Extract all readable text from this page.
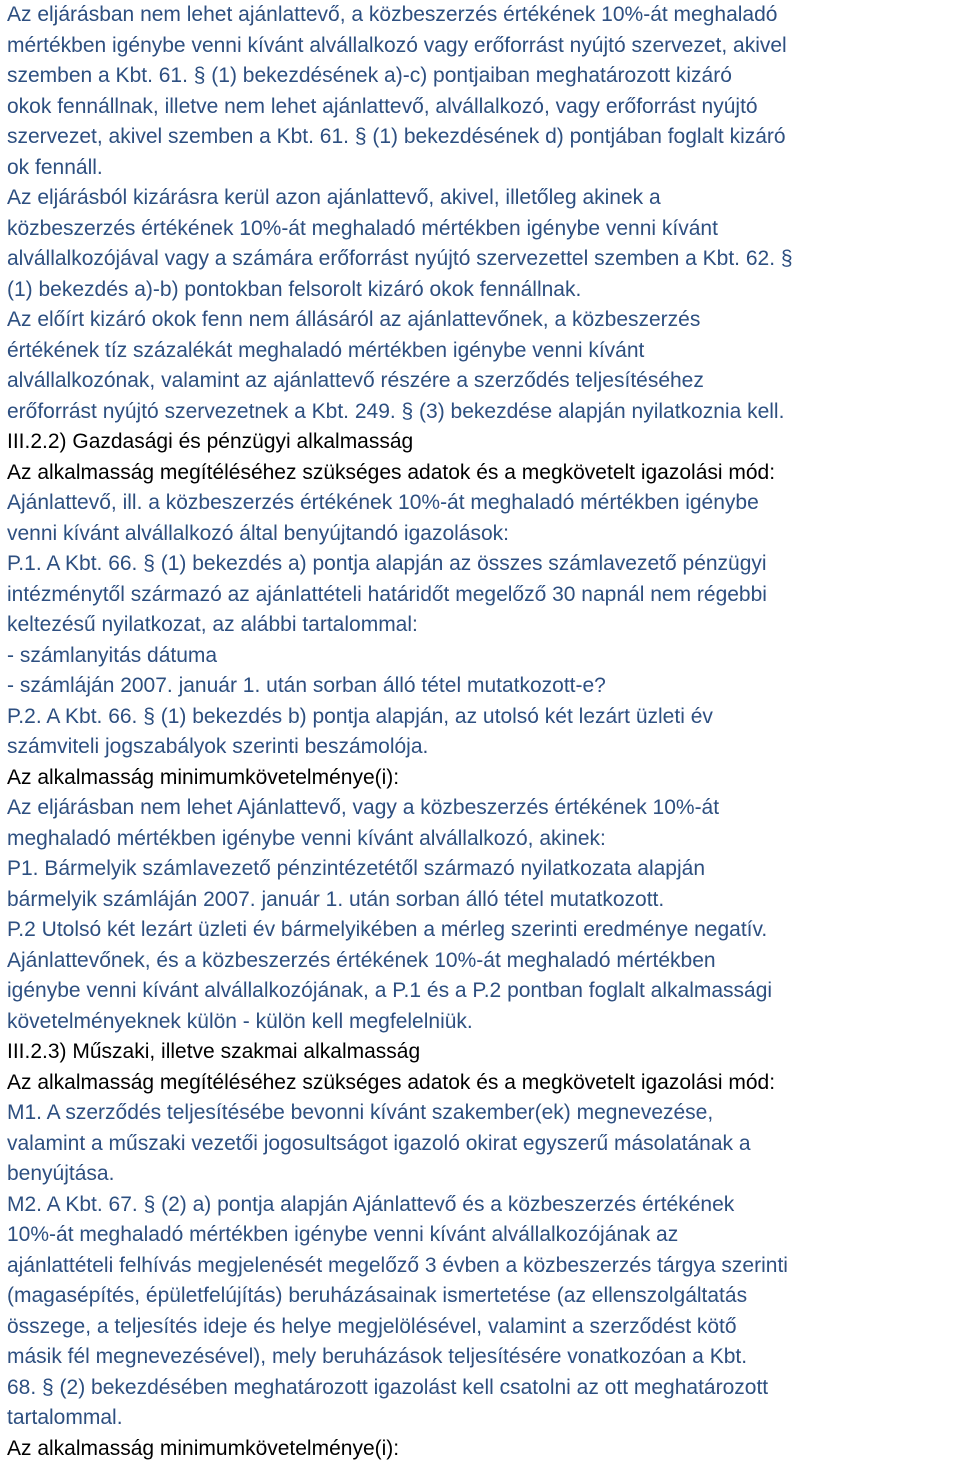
Az eljárásban nem lehet ajánlattevő, a közbeszerzés értékének 10%-át meghaladó
mértékben igénybe venni kívánt alvállalkozó vagy erőforrást nyújtó szervezet, akivel
szemben a Kbt. 61. § (1) bekezdésének a)-c) pontjaiban meghatározott kizáró
okok fennállnak, illetve nem lehet ajánlattevő, alvállalkozó, vagy erőforrást nyújtó
szervezet, akivel szemben a Kbt. 61. § (1) bekezdésének d) pontjában foglalt kizáró
ok fennáll.
Az eljárásból kizárásra kerül azon ajánlattevő, akivel, illetőleg akinek a
közbeszerzés értékének 10%-át meghaladó mértékben igénybe venni kívánt
alvállalkozójával vagy a számára erőforrást nyújtó szervezettel szemben a Kbt. 62. §
(1) bekezdés a)-b) pontokban felsorolt kizáró okok fennállnak.
Az előírt kizáró okok fenn nem állásáról az ajánlattevőnek, a közbeszerzés
értékének tíz százalékát meghaladó mértékben igénybe venni kívánt
alvállalkozónak, valamint az ajánlattevő részére a szerződés teljesítéséhez
erőforrást nyújtó szervezetnek a Kbt. 249. § (3) bekezdése alapján nyilatkoznia kell.
III.2.2) Gazdasági és pénzügyi alkalmasság
Az alkalmasság megítéléséhez szükséges adatok és a megkövetelt igazolási mód:
Ajánlattevő, ill. a közbeszerzés értékének 10%-át meghaladó mértékben igénybe
venni kívánt alvállalkozó által benyújtandó igazolások:
P.1. A Kbt. 66. § (1) bekezdés a) pontja alapján az összes számlavezető pénzügyi
intézménytől származó az ajánlattételi határidőt megelőző 30 napnál nem régebbi
keltezésű nyilatkozat, az alábbi tartalommal:
- számlanyitás dátuma
- számláján 2007. január 1. után sorban álló tétel mutatkozott-e?
P.2. A Kbt. 66. § (1) bekezdés b) pontja alapján, az utolsó két lezárt üzleti év
számviteli jogszabályok szerinti beszámolója.
Az alkalmasság minimumkövetelménye(i):
Az eljárásban nem lehet Ajánlattevő, vagy a közbeszerzés értékének 10%-át
meghaladó mértékben igénybe venni kívánt alvállalkozó, akinek:
P1. Bármelyik számlavezető pénzintézetétől származó nyilatkozata alapján
bármelyik számláján 2007. január 1. után sorban álló tétel mutatkozott.
P.2 Utolsó két lezárt üzleti év bármelyikében a mérleg szerinti eredménye negatív.
Ajánlattevőnek, és a közbeszerzés értékének 10%-át meghaladó mértékben
igénybe venni kívánt alvállalkozójának, a P.1 és a P.2 pontban foglalt alkalmassági
követelményeknek külön - külön kell megfelelniük.
III.2.3) Műszaki, illetve szakmai alkalmasság
Az alkalmasság megítéléséhez szükséges adatok és a megkövetelt igazolási mód:
M1. A szerződés teljesítésébe bevonni kívánt szakember(ek) megnevezése,
valamint a műszaki vezetői jogosultságot igazoló okirat egyszerű másolatának a
benyújtása.
M2. A Kbt. 67. § (2) a) pontja alapján Ajánlattevő és a közbeszerzés értékének
10%-át meghaladó mértékben igénybe venni kívánt alvállalkozójának az
ajánlattételi felhívás megjelenését megelőző 3 évben a közbeszerzés tárgya szerinti
(magasépítés, épületfelújítás) beruházásainak ismertetése (az ellenszolgáltatás
összege, a teljesítés ideje és helye megjelölésével, valamint a szerződést kötő
másik fél megnevezésével), mely beruházások teljesítésére vonatkozóan a Kbt.
68. § (2) bekezdésében meghatározott igazolást kell csatolni az ott meghatározott
tartalommal.
Az alkalmasság minimumkövetelménye(i):
